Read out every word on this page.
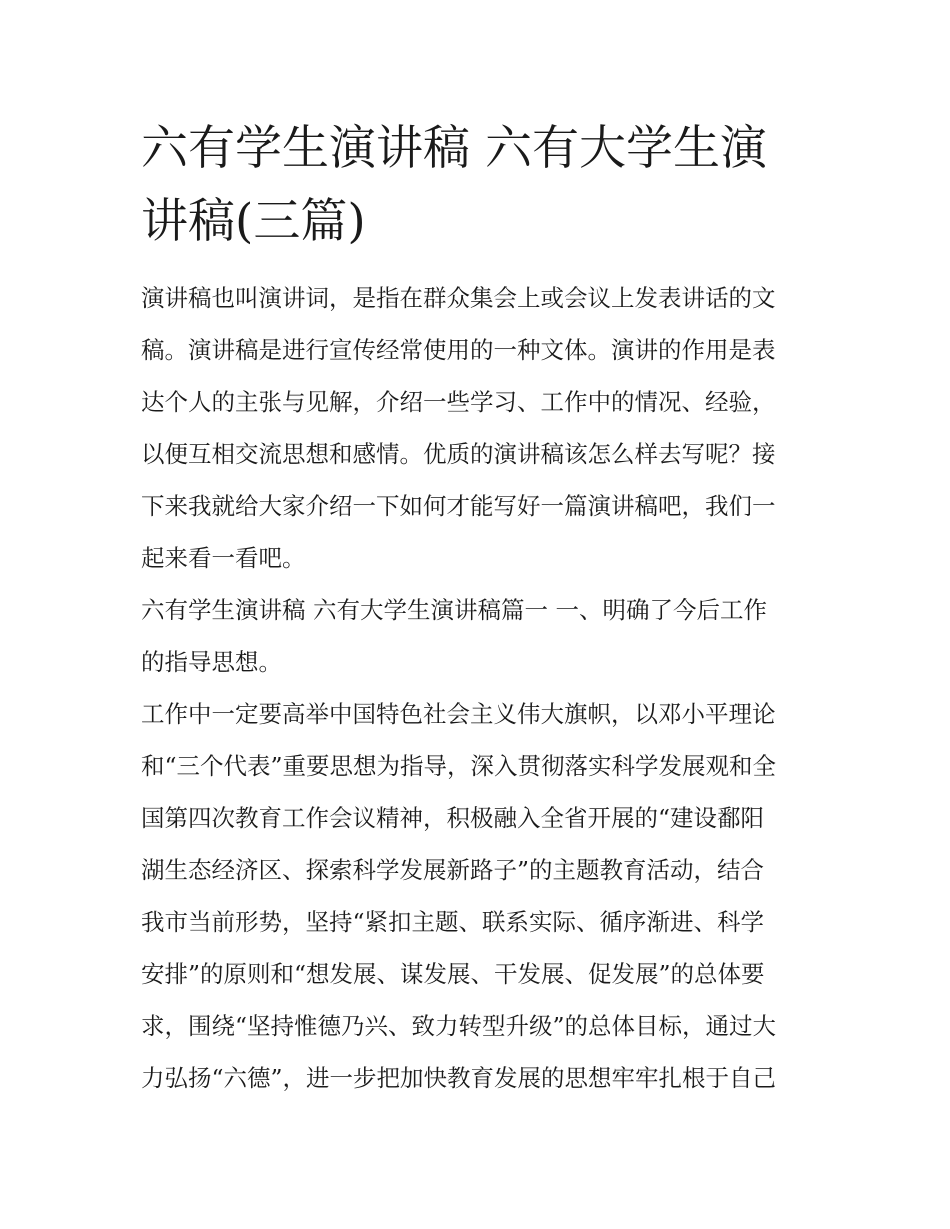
六有学生演讲稿 六有大学生演
讲稿(三篇)
演讲稿也叫演讲词，是指在群众集会上或会议上发表讲话的文
稿。演讲稿是进行宣传经常使用的一种文体。演讲的作用是表
达个人的主张与见解，介绍一些学习、工作中的情况、经验，
以便互相交流思想和感情。优质的演讲稿该怎么样去写呢？接
下来我就给大家介绍一下如何才能写好一篇演讲稿吧，我们一
起来看一看吧。
六有学生演讲稿 六有大学生演讲稿篇一 一、明确了今后工作
的指导思想。
工作中一定要高举中国特色社会主义伟大旗帜，以邓小平理论
和“三个代表”重要思想为指导，深入贯彻落实科学发展观和全
国第四次教育工作会议精神，积极融入全省开展的“建设鄱阳
湖生态经济区、探索科学发展新路子”的主题教育活动，结合
我市当前形势，坚持“紧扣主题、联系实际、循序渐进、科学
安排”的原则和“想发展、谋发展、干发展、促发展”的总体要
求，围绕“坚持惟德乃兴、致力转型升级”的总体目标，通过大
力弘扬“六德”，进一步把加快教育发展的思想牢牢扎根于自己
